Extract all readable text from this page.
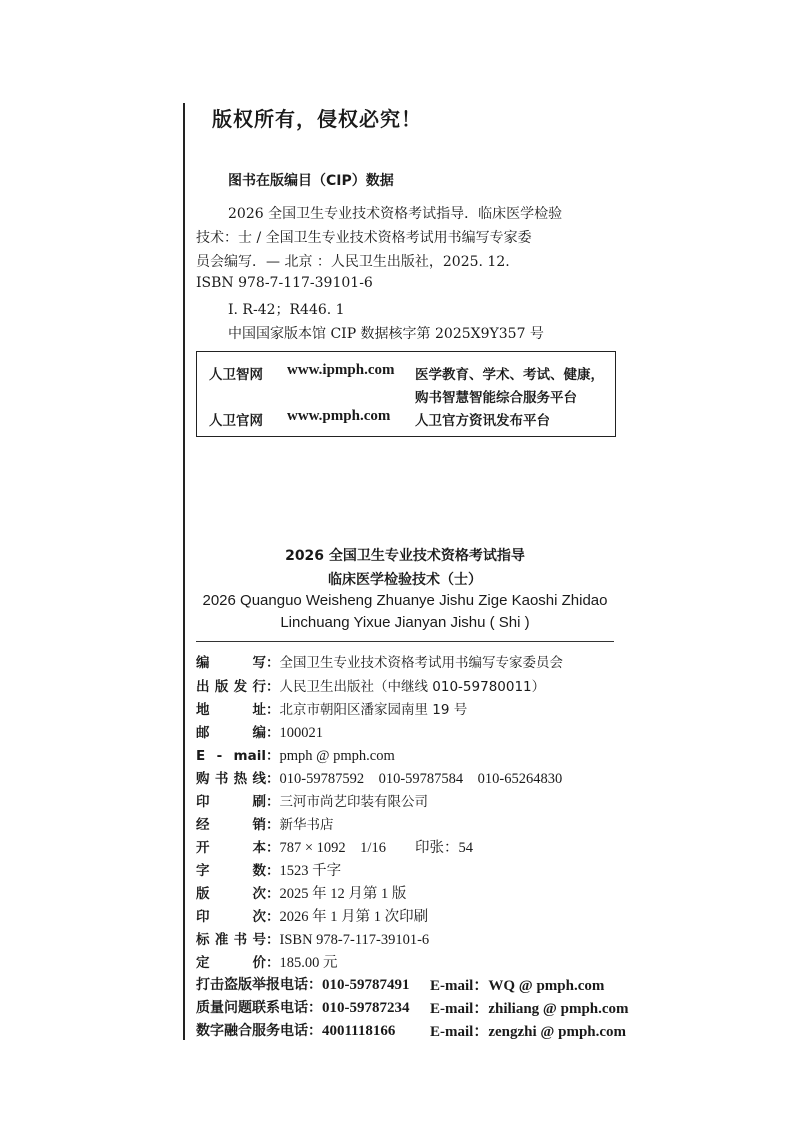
版权所有，侵权必究！
图书在版编目（CIP）数据
2026 全国卫生专业技术资格考试指导．临床医学检验
技术：士 / 全国卫生专业技术资格考试用书编写专家委
员会编写．— 北京 ：人民卫生出版社，2025. 12.
ISBN 978-7-117-39101-6
Ⅰ. R-42；R446. 1
中国国家版本馆 CIP 数据核字第 2025X9Y357 号
人卫智网 www.ipmph.com 医学教育、学术、考试、健康，
购书智慧智能综合服务平台
人卫官网 www.pmph.com 人卫官方资讯发布平台
2026 全国卫生专业技术资格考试指导
临床医学检验技术（士）
2026 Quanguo Weisheng Zhuanye Jishu Zige Kaoshi Zhidao
Linchuang Yixue Jianyan Jishu ( Shi )
编写：全国卫生专业技术资格考试用书编写专家委员会
出版发行：人民卫生出版社（中继线 010-59780011）
地址：北京市朝阳区潘家园南里 19 号
邮编：100021
E - mail：pmph @ pmph.com
购书热线：010-59787592    010-59787584    010-65264830
印刷：三河市尚艺印装有限公司
经销：新华书店
开本：787 × 1092    1/16        印张：54
字数：1523 千字
版次：2025 年 12 月第 1 版
印次：2026 年 1 月第 1 次印刷
标准书号：ISBN 978-7-117-39101-6
定价：185.00 元
打击盗版举报电话：010-59787491 E-mail：WQ @ pmph.com
质量问题联系电话：010-59787234 E-mail：zhiliang @ pmph.com
数字融合服务电话：4001118166 E-mail：zengzhi @ pmph.com
